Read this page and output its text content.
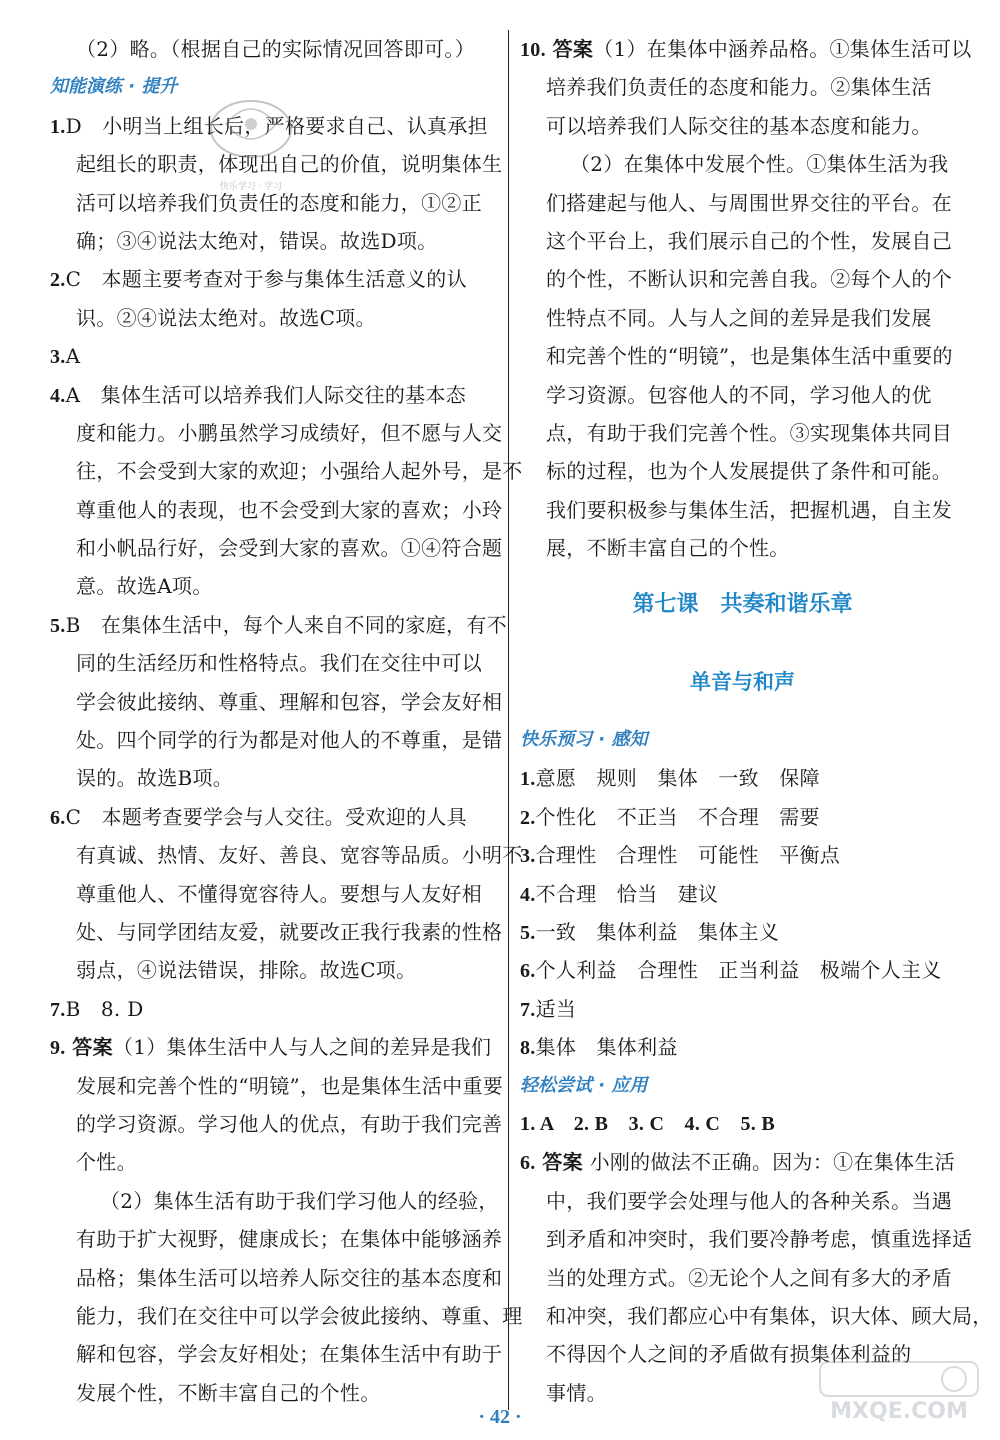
（2）略。（根据自己的实际情况回答即可。）
知能演练 · 提升
1.D　小明当上组长后，严格要求自己、认真承担
起组长的职责，体现出自己的价值，说明集体生
活可以培养我们负责任的态度和能力，①②正
确；③④说法太绝对，错误。故选D项。
2.C　本题主要考查对于参与集体生活意义的认
识。②④说法太绝对。故选C项。
3.A
4.A　集体生活可以培养我们人际交往的基本态
度和能力。小鹏虽然学习成绩好，但不愿与人交
往，不会受到大家的欢迎；小强给人起外号，是不
尊重他人的表现，也不会受到大家的喜欢；小玲
和小帆品行好，会受到大家的喜欢。①④符合题
意。故选A项。
5.B　在集体生活中，每个人来自不同的家庭，有不
同的生活经历和性格特点。我们在交往中可以
学会彼此接纳、尊重、理解和包容，学会友好相
处。四个同学的行为都是对他人的不尊重，是错
误的。故选B项。
6.C　本题考查要学会与人交往。受欢迎的人具
有真诚、热情、友好、善良、宽容等品质。小明不
尊重他人、不懂得宽容待人。要想与人友好相
处、与同学团结友爱，就要改正我行我素的性格
弱点，④说法错误，排除。故选C项。
7.B　8. D
9. 答案（1）集体生活中人与人之间的差异是我们
发展和完善个性的“明镜”，也是集体生活中重要
的学习资源。学习他人的优点，有助于我们完善
个性。
（2）集体生活有助于我们学习他人的经验，
有助于扩大视野，健康成长；在集体中能够涵养
品格；集体生活可以培养人际交往的基本态度和
能力，我们在交往中可以学会彼此接纳、尊重、理
解和包容，学会友好相处；在集体生活中有助于
发展个性，不断丰富自己的个性。
快乐学习 · 学习
10. 答案（1）在集体中涵养品格。①集体生活可以
培养我们负责任的态度和能力。②集体生活
可以培养我们人际交往的基本态度和能力。
（2）在集体中发展个性。①集体生活为我
们搭建起与他人、与周围世界交往的平台。在
这个平台上，我们展示自己的个性，发展自己
的个性，不断认识和完善自我。②每个人的个
性特点不同。人与人之间的差异是我们发展
和完善个性的“明镜”，也是集体生活中重要的
学习资源。包容他人的不同，学习他人的优
点，有助于我们完善个性。③实现集体共同目
标的过程，也为个人发展提供了条件和可能。
我们要积极参与集体生活，把握机遇，自主发
展，不断丰富自己的个性。
第七课　共奏和谐乐章
单音与和声
快乐预习 · 感知
1.意愿　规则　集体　一致　保障
2.个性化　不正当　不合理　需要
3.合理性　合理性　可能性　平衡点
4.不合理　恰当　建议
5.一致　集体利益　集体主义
6.个人利益　合理性　正当利益　极端个人主义
7.适当
8.集体　集体利益
轻松尝试 · 应用
1. A　2. B　3. C　4. C　5. B
6. 答案 小刚的做法不正确。因为：①在集体生活
中，我们要学会处理与他人的各种关系。当遇
到矛盾和冲突时，我们要冷静考虑，慎重选择适
当的处理方式。②无论个人之间有多大的矛盾
和冲突，我们都应心中有集体，识大体、顾大局，
不得因个人之间的矛盾做有损集体利益的
事情。
· 42 ·	MXQE.COM
